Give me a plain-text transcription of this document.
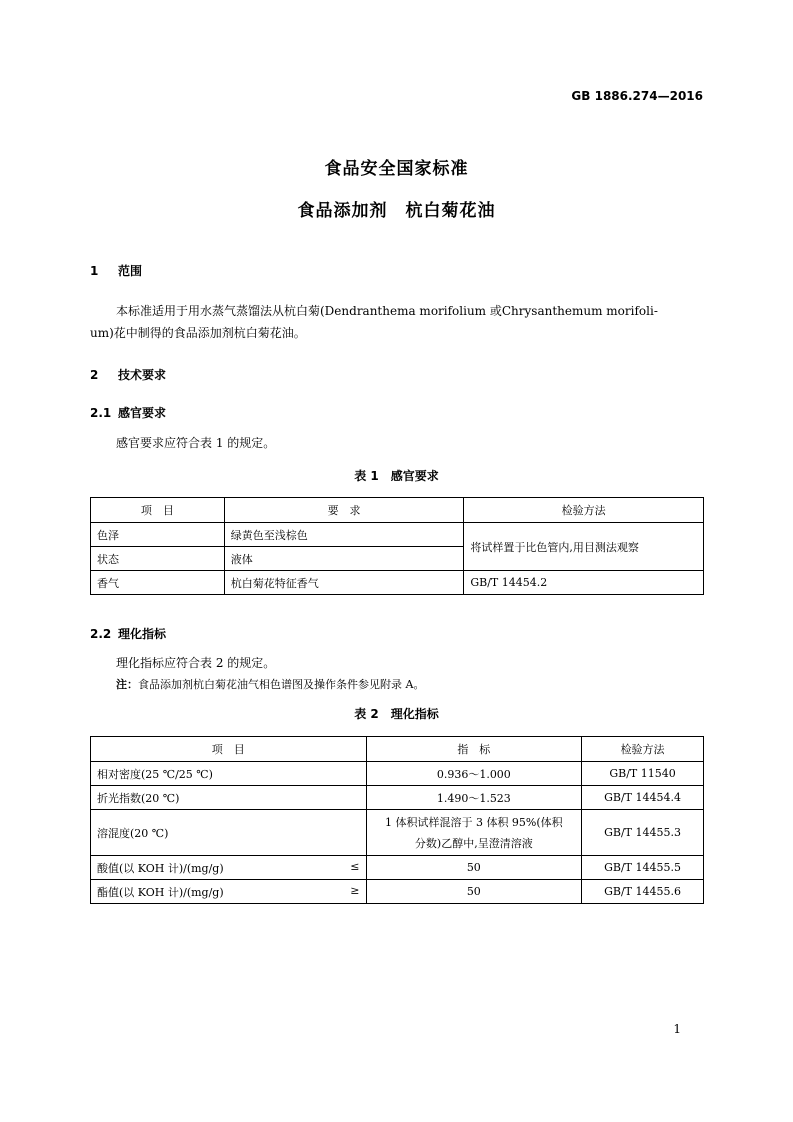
GB 1886.274—2016
食品安全国家标准
食品添加剂　杭白菊花油
1 范围
本标准适用于用水蒸气蒸馏法从杭白菊(Dendranthema morifolium 或Chrysanthemum morifoli-
um)花中制得的食品添加剂杭白菊花油。
2 技术要求
2.1 感官要求
感官要求应符合表 1 的规定。
表 1　感官要求
项　目	要　求	检验方法
色泽	绿黄色至浅棕色	将试样置于比色管内,用目测法观察
状态	液体	
香气	杭白菊花特征香气	GB/T 14454.2
2.2 理化指标
理化指标应符合表 2 的规定。
注：食品添加剂杭白菊花油气相色谱图及操作条件参见附录 A。
表 2　理化指标
项　目	指　标	检验方法
相对密度(25 ℃/25 ℃)	0.936～1.000	GB/T 11540
折光指数(20 ℃)	1.490～1.523	GB/T 14454.4
溶混度(20 ℃)	1 体积试样混溶于 3 体积 95%(体积分数)乙醇中,呈澄清溶液	GB/T 14455.3
酸值(以 KOH 计)/(mg/g) ≤	50	GB/T 14455.5
酯值(以 KOH 计)/(mg/g) ≥	50	GB/T 14455.6
1
